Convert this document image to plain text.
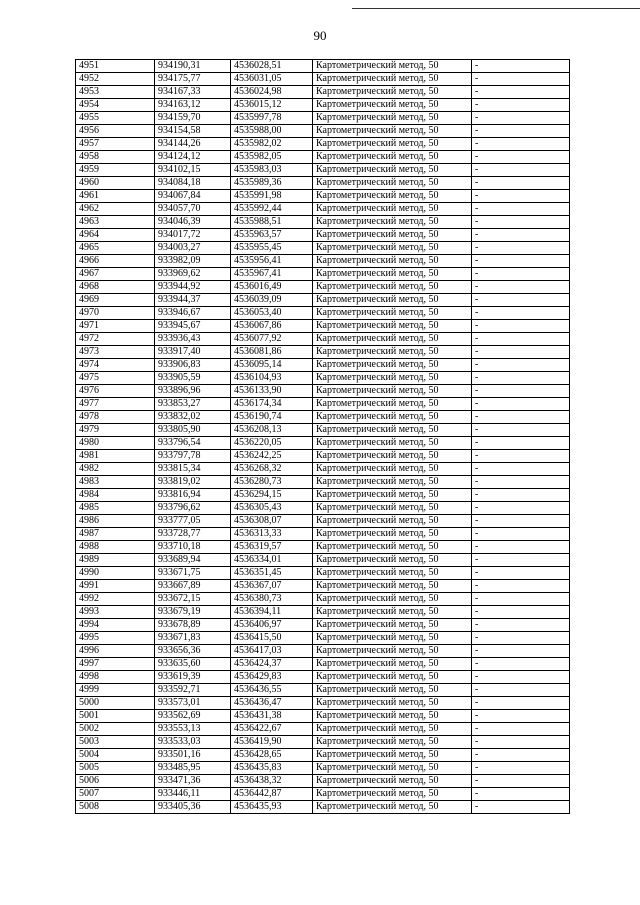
90
4951	934190,31	4536028,51	Картометрический метод, 50	-
4952	934175,77	4536031,05	Картометрический метод, 50	-
4953	934167,33	4536024,98	Картометрический метод, 50	-
4954	934163,12	4536015,12	Картометрический метод, 50	-
4955	934159,70	4535997,78	Картометрический метод, 50	-
4956	934154,58	4535988,00	Картометрический метод, 50	-
4957	934144,26	4535982,02	Картометрический метод, 50	-
4958	934124,12	4535982,05	Картометрический метод, 50	-
4959	934102,15	4535983,03	Картометрический метод, 50	-
4960	934084,18	4535989,36	Картометрический метод, 50	-
4961	934067,84	4535991,98	Картометрический метод, 50	-
4962	934057,70	4535992,44	Картометрический метод, 50	-
4963	934046,39	4535988,51	Картометрический метод, 50	-
4964	934017,72	4535963,57	Картометрический метод, 50	-
4965	934003,27	4535955,45	Картометрический метод, 50	-
4966	933982,09	4535956,41	Картометрический метод, 50	-
4967	933969,62	4535967,41	Картометрический метод, 50	-
4968	933944,92	4536016,49	Картометрический метод, 50	-
4969	933944,37	4536039,09	Картометрический метод, 50	-
4970	933946,67	4536053,40	Картометрический метод, 50	-
4971	933945,67	4536067,86	Картометрический метод, 50	-
4972	933936,43	4536077,92	Картометрический метод, 50	-
4973	933917,40	4536081,86	Картометрический метод, 50	-
4974	933906,83	4536095,14	Картометрический метод, 50	-
4975	933905,59	4536104,93	Картометрический метод, 50	-
4976	933896,96	4536133,90	Картометрический метод, 50	-
4977	933853,27	4536174,34	Картометрический метод, 50	-
4978	933832,02	4536190,74	Картометрический метод, 50	-
4979	933805,90	4536208,13	Картометрический метод, 50	-
4980	933796,54	4536220,05	Картометрический метод, 50	-
4981	933797,78	4536242,25	Картометрический метод, 50	-
4982	933815,34	4536268,32	Картометрический метод, 50	-
4983	933819,02	4536280,73	Картометрический метод, 50	-
4984	933816,94	4536294,15	Картометрический метод, 50	-
4985	933796,62	4536305,43	Картометрический метод, 50	-
4986	933777,05	4536308,07	Картометрический метод, 50	-
4987	933728,77	4536313,33	Картометрический метод, 50	-
4988	933710,18	4536319,57	Картометрический метод, 50	-
4989	933689,94	4536334,01	Картометрический метод, 50	-
4990	933671,75	4536351,45	Картометрический метод, 50	-
4991	933667,89	4536367,07	Картометрический метод, 50	-
4992	933672,15	4536380,73	Картометрический метод, 50	-
4993	933679,19	4536394,11	Картометрический метод, 50	-
4994	933678,89	4536406,97	Картометрический метод, 50	-
4995	933671,83	4536415,50	Картометрический метод, 50	-
4996	933656,36	4536417,03	Картометрический метод, 50	-
4997	933635,60	4536424,37	Картометрический метод, 50	-
4998	933619,39	4536429,83	Картометрический метод, 50	-
4999	933592,71	4536436,55	Картометрический метод, 50	-
5000	933573,01	4536436,47	Картометрический метод, 50	-
5001	933562,69	4536431,38	Картометрический метод, 50	-
5002	933553,13	4536422,67	Картометрический метод, 50	-
5003	933533,03	4536419,90	Картометрический метод, 50	-
5004	933501,16	4536428,65	Картометрический метод, 50	-
5005	933485,95	4536435,83	Картометрический метод, 50	-
5006	933471,36	4536438,32	Картометрический метод, 50	-
5007	933446,11	4536442,87	Картометрический метод, 50	-
5008	933405,36	4536435,93	Картометрический метод, 50	-
